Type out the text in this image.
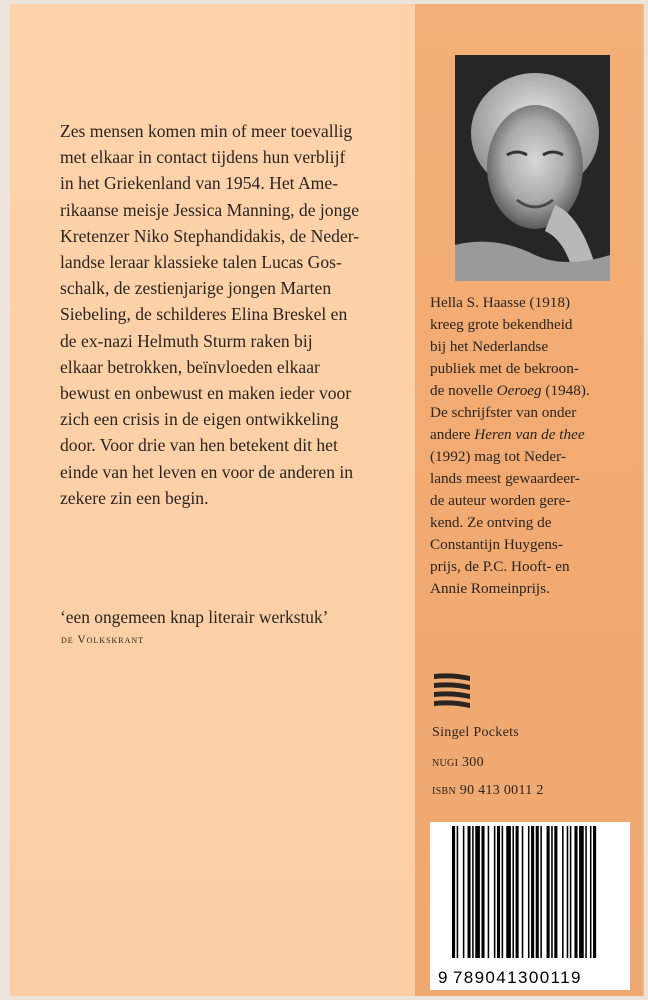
Zes mensen komen min of meer toevallig

met elkaar in contact tijdens hun verblijf

in het Griekenland van 1954. Het Ame-

rikaanse meisje Jessica Manning, de jonge

Kretenzer Niko Stephandidakis, de Neder-

landse leraar klassieke talen Lucas Gos-

schalk, de zestienjarige jongen Marten

Siebeling, de schilderes Elina Breskel en

de ex-nazi Helmuth Sturm raken bij

elkaar betrokken, beïnvloeden elkaar

bewust en onbewust en maken ieder voor

zich een crisis in de eigen ontwikkeling

door. Voor drie van hen betekent dit het

einde van het leven en voor de anderen in

zekere zin een begin.

‘een ongemeen knap literair werkstuk’
de Volkskrant
Hella S. Haasse (1918)
kreeg grote bekendheid
bij het Nederlandse
publiek met de bekroon-
de novelle Oeroeg (1948).
De schrijfster van onder
andere Heren van de thee
(1992) mag tot Neder-
lands meest gewaardeer-
de auteur worden gere-
kend. Ze ontving de
Constantijn Huygens-
prijs, de P.C. Hooft- en
Annie Romeinprijs.
Singel Pockets
nugi 300
isbn 90 413 0011 2
9 789041300119
